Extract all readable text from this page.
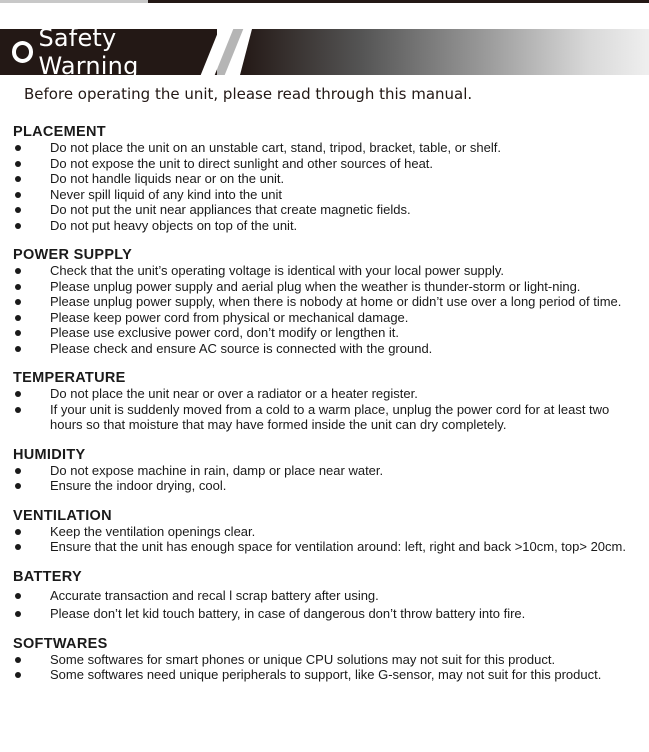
Safety Warning
Before operating the unit, please read through this manual.
PLACEMENT
Do not place the unit on an unstable cart, stand, tripod, bracket, table, or shelf.
Do not expose the unit to direct sunlight and other sources of heat.
Do not handle liquids near or on the unit.
Never spill liquid of any kind into the unit
Do not put the unit near appliances that create magnetic fields.
Do not put heavy objects on top of the unit.
POWER SUPPLY
Check that the unit’s operating voltage is identical with your local power supply.
Please unplug power supply and aerial plug when the weather is thunder-storm or light-ning.
Please unplug power supply, when there is nobody at home or didn’t use over a long period of time.
Please keep power cord from physical or mechanical damage.
Please use exclusive power cord, don’t modify or lengthen it.
Please check and ensure AC source is connected with the ground.
TEMPERATURE
Do not place the unit near or over a radiator or a heater register.
If your unit is suddenly moved from a cold to a warm place, unplug the power cord for at least two hours so that moisture that may have formed inside the unit can dry completely.
HUMIDITY
Do not expose machine in rain, damp or place near water.
Ensure the indoor drying, cool.
VENTILATION
Keep the ventilation openings clear.
Ensure that the unit has enough space for ventilation around: left, right and back >10cm, top> 20cm.
BATTERY
Accurate transaction and recal l scrap battery after using.
Please don’t let kid touch battery, in case of dangerous don’t throw battery into fire.
SOFTWARES
Some softwares for smart phones or unique CPU solutions may not suit for this product.
Some softwares need unique peripherals to support, like G-sensor, may not suit for this product.
